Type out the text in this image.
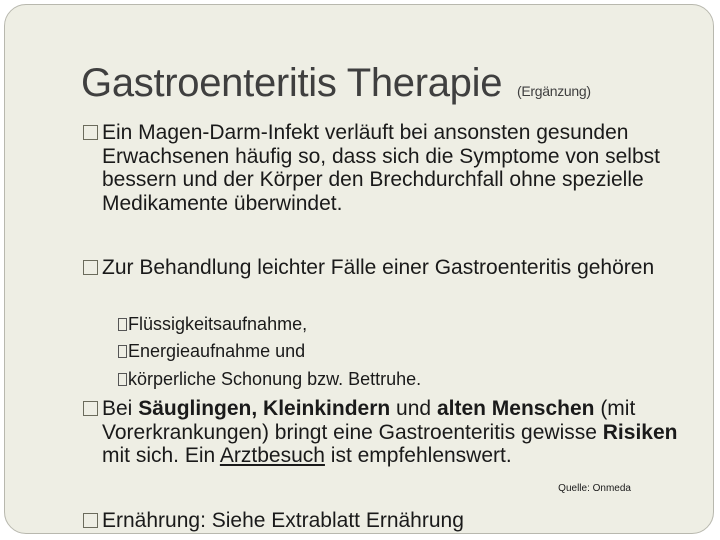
Gastroenteritis Therapie (Ergänzung)
Ein Magen-Darm-Infekt verläuft bei ansonsten gesunden Erwachsenen häufig so, dass sich die Symptome von selbst bessern und der Körper den Brechdurchfall ohne spezielle Medikamente überwindet.
Zur Behandlung leichter Fälle einer Gastroenteritis gehören
Flüssigkeitsaufnahme,
Energieaufnahme und
körperliche Schonung bzw. Bettruhe.
Bei Säuglingen, Kleinkindern und alten Menschen (mit Vorerkrankungen) bringt eine Gastroenteritis gewisse Risiken mit sich. Ein Arztbesuch ist empfehlenswert.
Quelle: Onmeda
Ernährung: Siehe Extrablatt Ernährung
